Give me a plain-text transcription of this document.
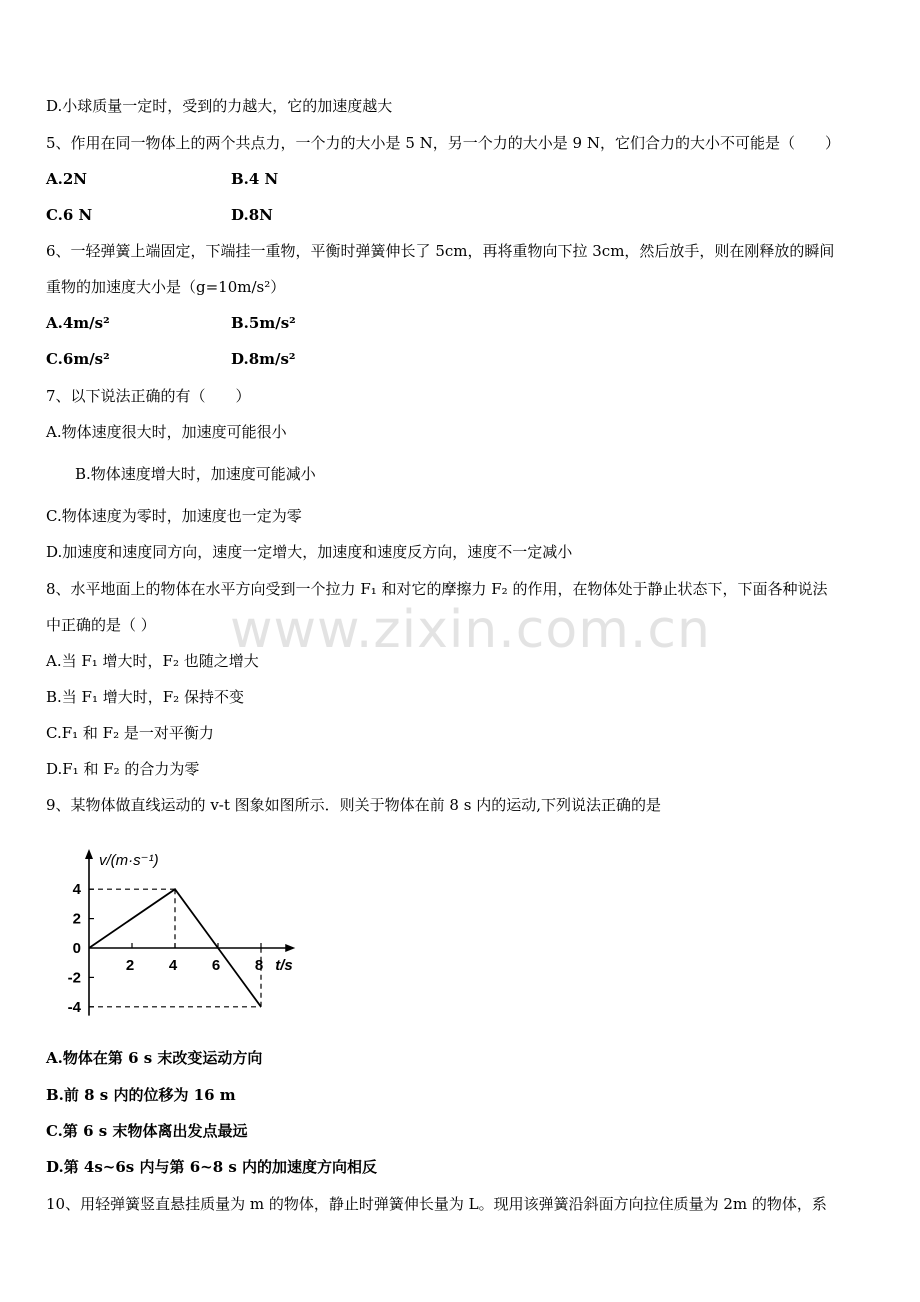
www.zixin.com.cn
D.小球质量一定时，受到的力越大，它的加速度越大
5、作用在同一物体上的两个共点力，一个力的大小是 5 N，另一个力的大小是 9 N，它们合力的大小不可能是（　　）
A.2N	B.4 N
C.6 N	D.8N
6、一轻弹簧上端固定，下端挂一重物，平衡时弹簧伸长了 5cm，再将重物向下拉 3cm，然后放手，则在刚释放的瞬间
重物的加速度大小是（g=10m/s²）
A.4m/s²	B.5m/s²
C.6m/s²	D.8m/s²
7、以下说法正确的有（　　）
A.物体速度很大时，加速度可能很小
B.物体速度增大时，加速度可能减小
C.物体速度为零时，加速度也一定为零
D.加速度和速度同方向，速度一定增大，加速度和速度反方向，速度不一定减小
8、水平地面上的物体在水平方向受到一个拉力 F₁ 和对它的摩擦力 F₂ 的作用，在物体处于静止状态下，下面各种说法
中正确的是（ ）
A.当 F₁ 增大时，F₂ 也随之增大
B.当 F₁ 增大时，F₂ 保持不变
C.F₁ 和 F₂ 是一对平衡力
D.F₁ 和 F₂ 的合力为零
9、某物体做直线运动的 v-t 图象如图所示．则关于物体在前 8 s 内的运动,下列说法正确的是
v/(m·s⁻¹)
t/s
4
2
0
-2
-4
2 4 6 8
A.物体在第 6 s 末改变运动方向
B.前 8 s 内的位移为 16 m
C.第 6 s 末物体离出发点最远
D.第 4s~6s 内与第 6~8 s 内的加速度方向相反
10、用轻弹簧竖直悬挂质量为 m 的物体，静止时弹簧伸长量为 L。现用该弹簧沿斜面方向拉住质量为 2m 的物体，系
